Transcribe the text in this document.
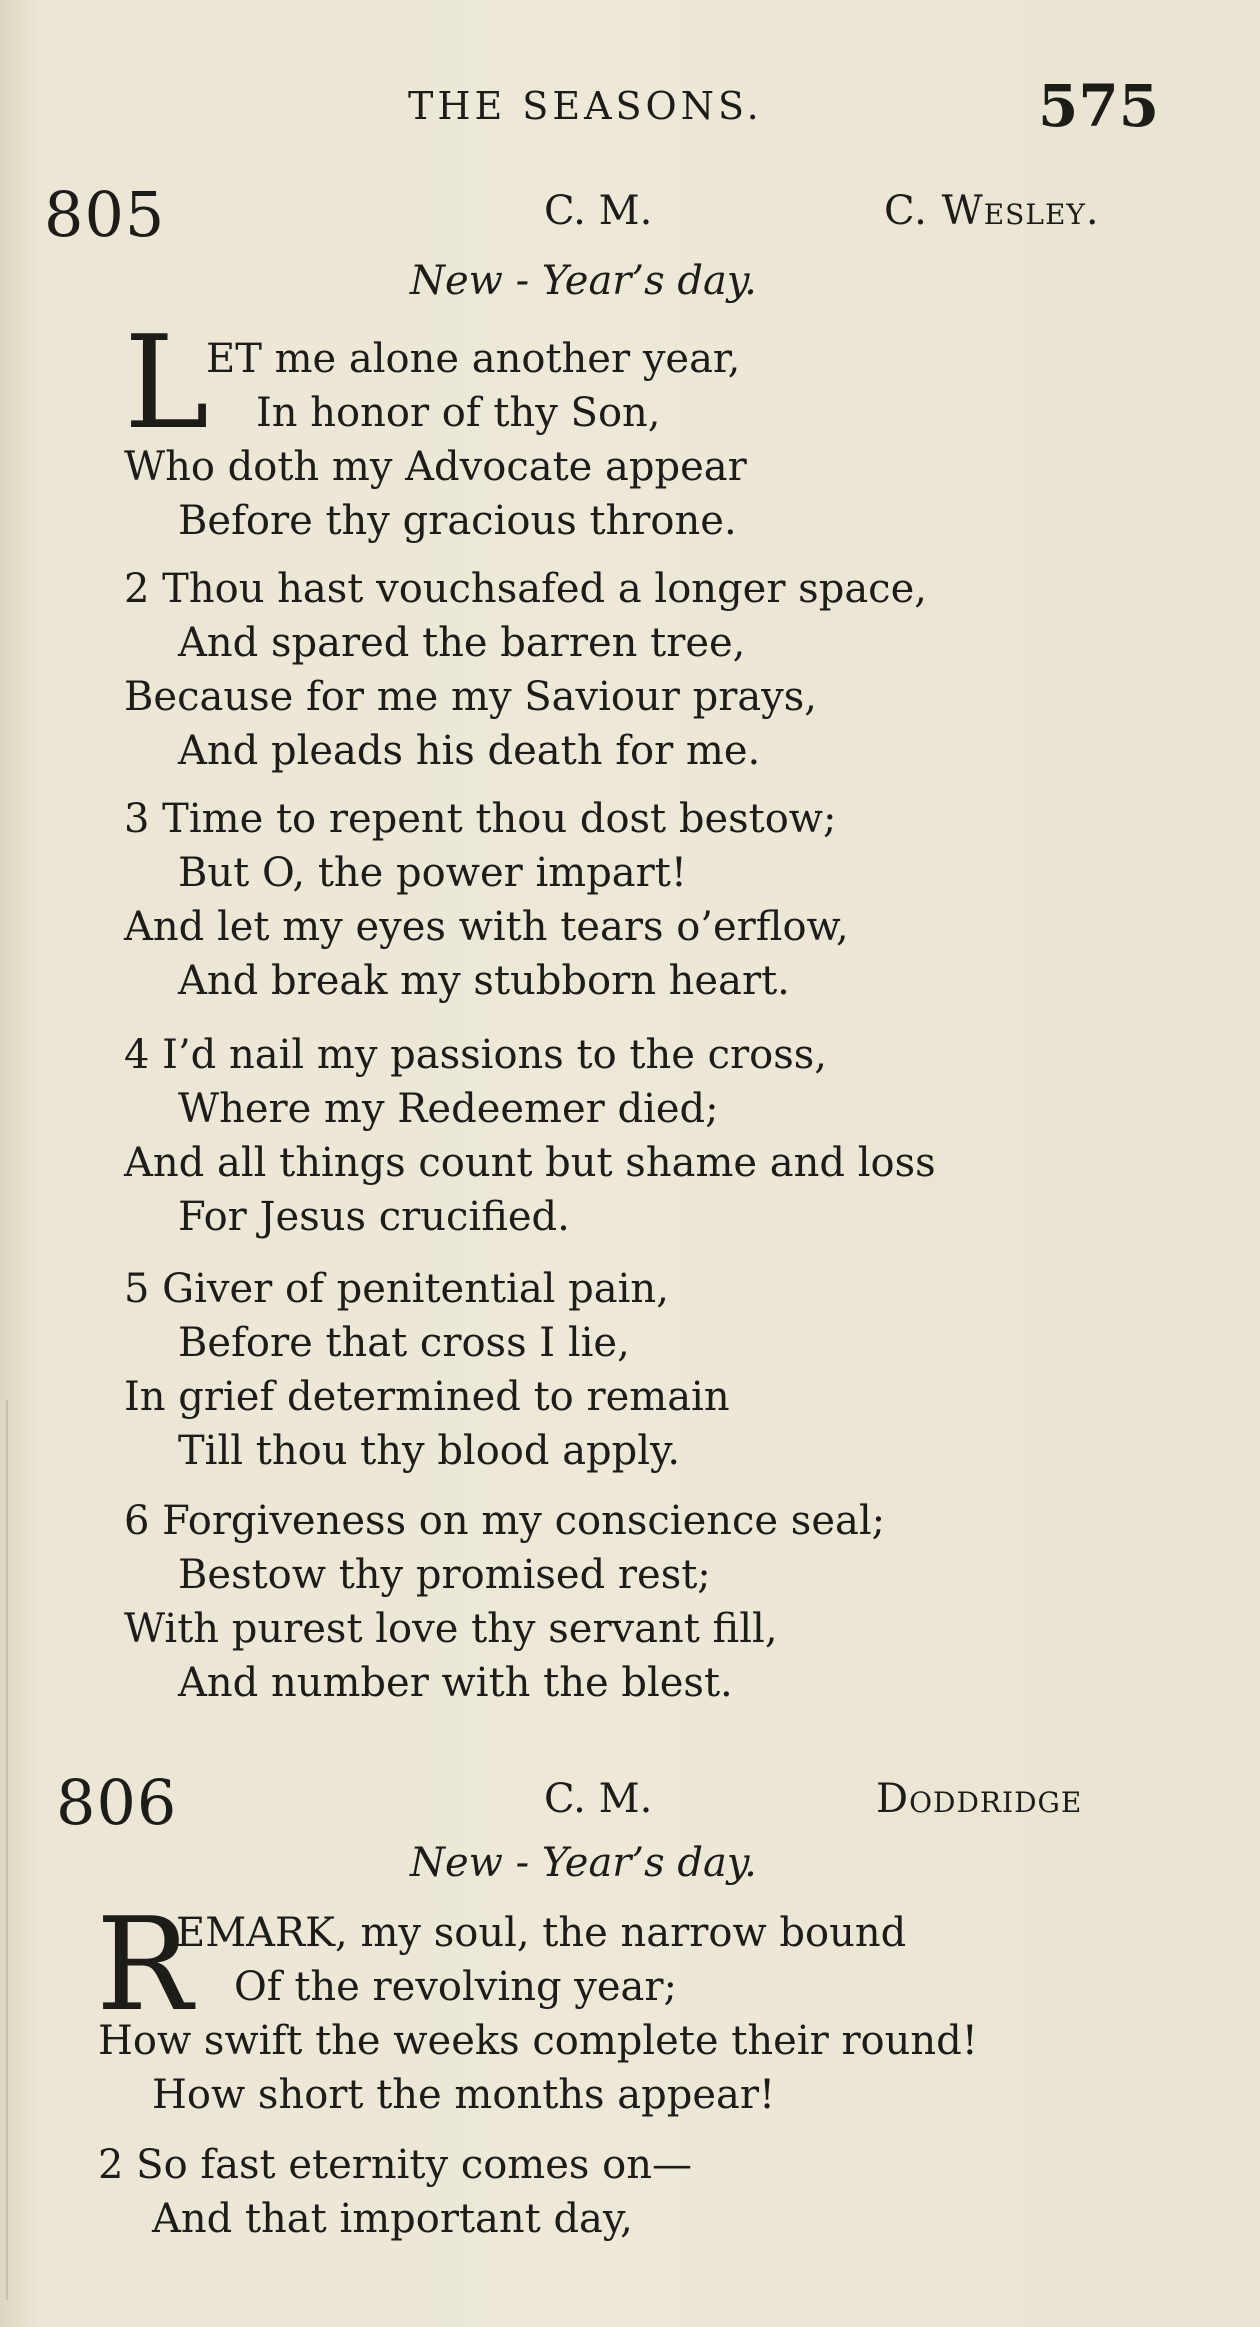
THE SEASONS.	575
805	C. M.	C. Wesley.
New - Year’s day.
L
ET me alone another year,
In honor of thy Son,
Who doth my Advocate appear
Before thy gracious throne.
2 Thou hast vouchsafed a longer space,
And spared the barren tree,
Because for me my Saviour prays,
And pleads his death for me.
3 Time to repent thou dost bestow;
But O, the power impart!
And let my eyes with tears o’erflow,
And break my stubborn heart.
4 I’d nail my passions to the cross,
Where my Redeemer died;
And all things count but shame and loss
For Jesus crucified.
5 Giver of penitential pain,
Before that cross I lie,
In grief determined to remain
Till thou thy blood apply.
6 Forgiveness on my conscience seal;
Bestow thy promised rest;
With purest love thy servant fill,
And number with the blest.
806	C. M.	Doddridge
New - Year’s day.
R
EMARK, my soul, the narrow bound
Of the revolving year;
How swift the weeks complete their round!
How short the months appear!
2 So fast eternity comes on—
And that important day,
